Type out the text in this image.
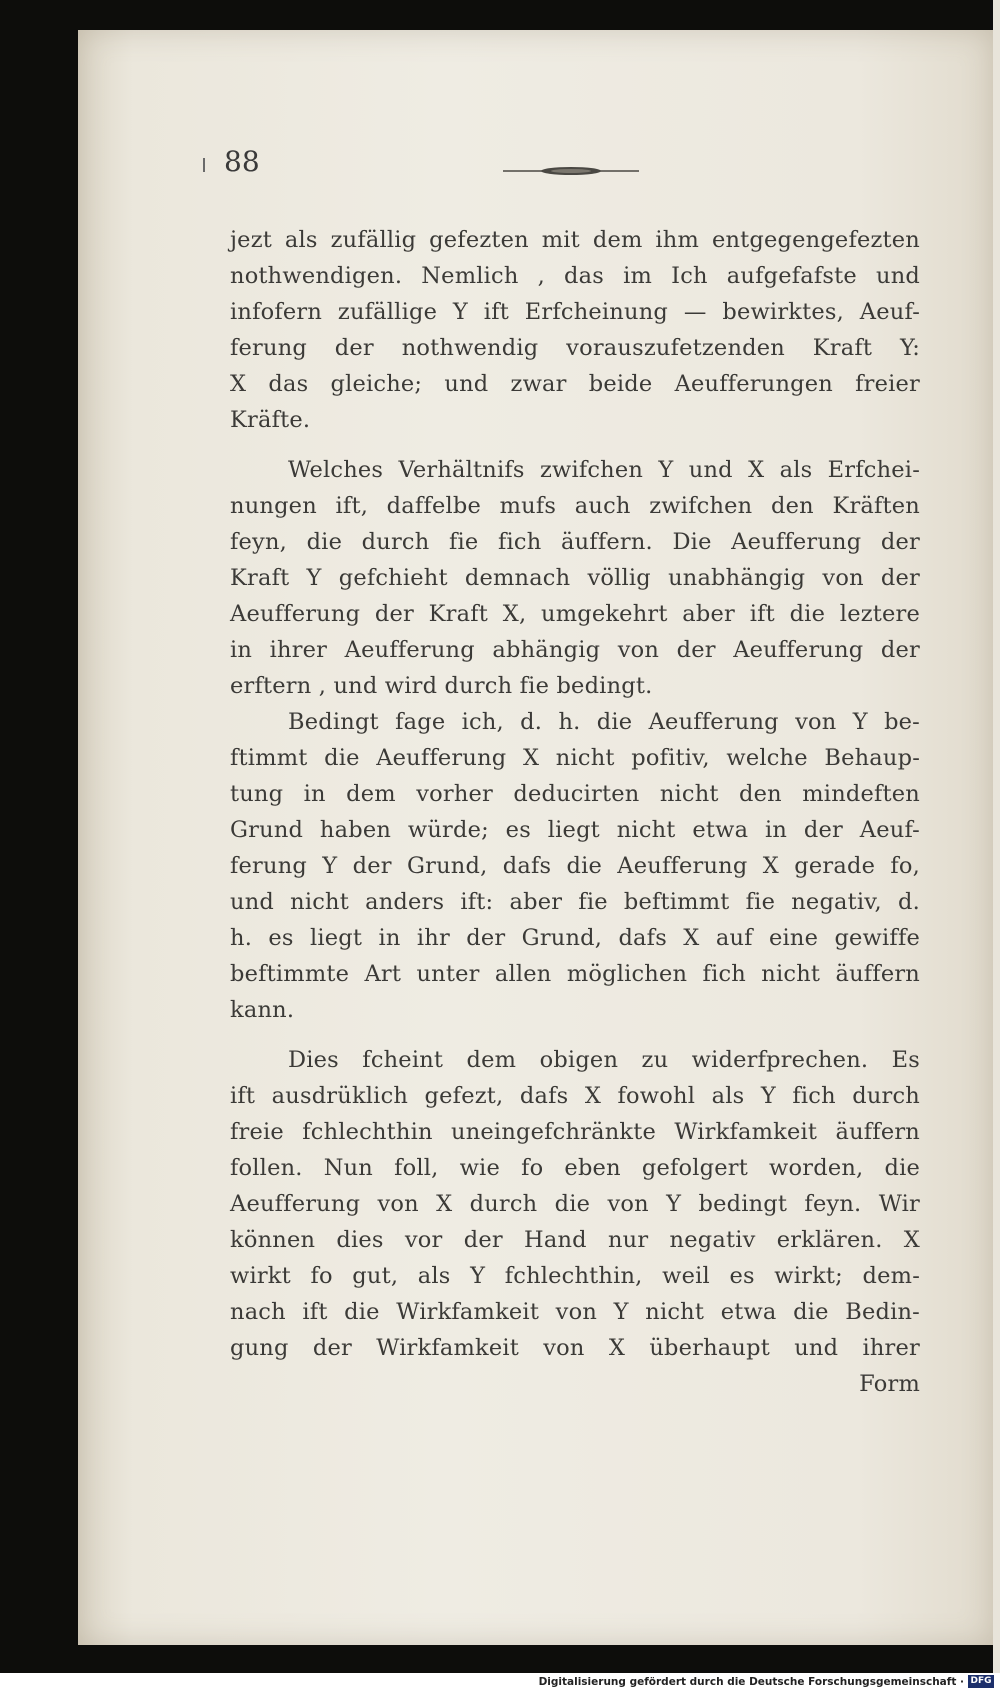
88
jezt als zufällig gefezten mit dem ihm entgegengefezten
nothwendigen. Nemlich , das im Ich aufgefafste und
infofern zufällige Y ift Erfcheinung — bewirktes, Aeuf-
ferung der nothwendig vorauszufetzenden Kraft Y:
X das gleiche; und zwar beide Aeufferungen freier
Kräfte.
Welches Verhältnifs zwifchen Y und X als Erfchei-
nungen ift, daffelbe mufs auch zwifchen den Kräften
feyn, die durch fie fich äuffern. Die Aeufferung der
Kraft Y gefchieht demnach völlig unabhängig von der
Aeufferung der Kraft X, umgekehrt aber ift die leztere
in ihrer Aeufferung abhängig von der Aeufferung der
erftern , und wird durch fie bedingt.
Bedingt fage ich, d. h. die Aeufferung von Y be-
ftimmt die Aeufferung X nicht pofitiv, welche Behaup-
tung in dem vorher deducirten nicht den mindeften
Grund haben würde; es liegt nicht etwa in der Aeuf-
ferung Y der Grund, dafs die Aeufferung X gerade fo,
und nicht anders ift: aber fie beftimmt fie negativ, d.
h. es liegt in ihr der Grund, dafs X auf eine gewiffe
beftimmte Art unter allen möglichen fich nicht äuffern
kann.
Dies fcheint dem obigen zu widerfprechen. Es
ift ausdrüklich gefezt, dafs X fowohl als Y fich durch
freie fchlechthin uneingefchränkte Wirkfamkeit äuffern
follen. Nun foll, wie fo eben gefolgert worden, die
Aeufferung von X durch die von Y bedingt feyn. Wir
können dies vor der Hand nur negativ erklären. X
wirkt fo gut, als Y fchlechthin, weil es wirkt; dem-
nach ift die Wirkfamkeit von Y nicht etwa die Bedin-
gung der Wirkfamkeit von X überhaupt und ihrer
Form
Digitalisierung gefördert durch die Deutsche Forschungsgemeinschaft · DFG
